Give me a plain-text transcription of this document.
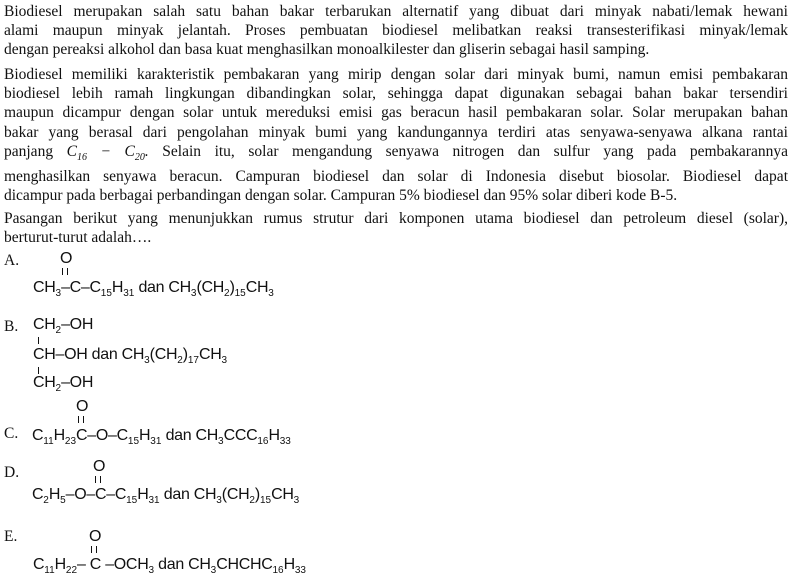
Biodiesel merupakan salah satu bahan bakar terbarukan alternatif yang dibuat dari minyak nabati/lemak hewani
alami maupun minyak jelantah. Proses pembuatan biodiesel melibatkan reaksi transesterifikasi minyak/lemak
dengan pereaksi alkohol dan basa kuat menghasilkan monoalkilester dan gliserin sebagai hasil samping.
Biodiesel memiliki karakteristik pembakaran yang mirip dengan solar dari minyak bumi, namun emisi pembakaran
biodiesel lebih ramah lingkungan dibandingkan solar, sehingga dapat digunakan sebagai bahan bakar tersendiri
maupun dicampur dengan solar untuk mereduksi emisi gas beracun hasil pembakaran solar. Solar merupakan bahan
bakar yang berasal dari pengolahan minyak bumi yang kandungannya terdiri atas senyawa-senyawa alkana rantai
panjang $C_{16} - C_{20}$. Selain itu, solar mengandung senyawa nitrogen dan sulfur yang pada pembakarannya
menghasilkan senyawa beracun. Campuran biodiesel dan solar di Indonesia disebut biosolar. Biodiesel dapat
dicampur pada berbagai perbandingan dengan solar. Campuran 5% biodiesel dan 95% solar diberi kode B-5.
Pasangan berikut yang menunjukkan rumus strutur dari komponen utama biodiesel dan petroleum diesel (solar),
berturut-turut adalah….
A.	O
$CH_3-C-C_{15}H_{31}$ dan $CH_3(CH_2)_{15}CH_3$
B. $CH_2-OH$
CH–OH dan $CH_3(CH_2)_{17}CH_3$
$CH_2-OH$
C.
O
$C_{11}H_{23}C-O-C_{15}H_{31}$ dan $CH_3CCC_{16}H_{33}$
D.	O
$C_2H_5-O-C-C_{15}H_{31}$ dan $CH_3(CH_2)_{15}CH_3$
E.	O
$C_{11}H_{22}-$ C $-OCH_3$ dan $CH_3CHCHC_{16}H_{33}$
